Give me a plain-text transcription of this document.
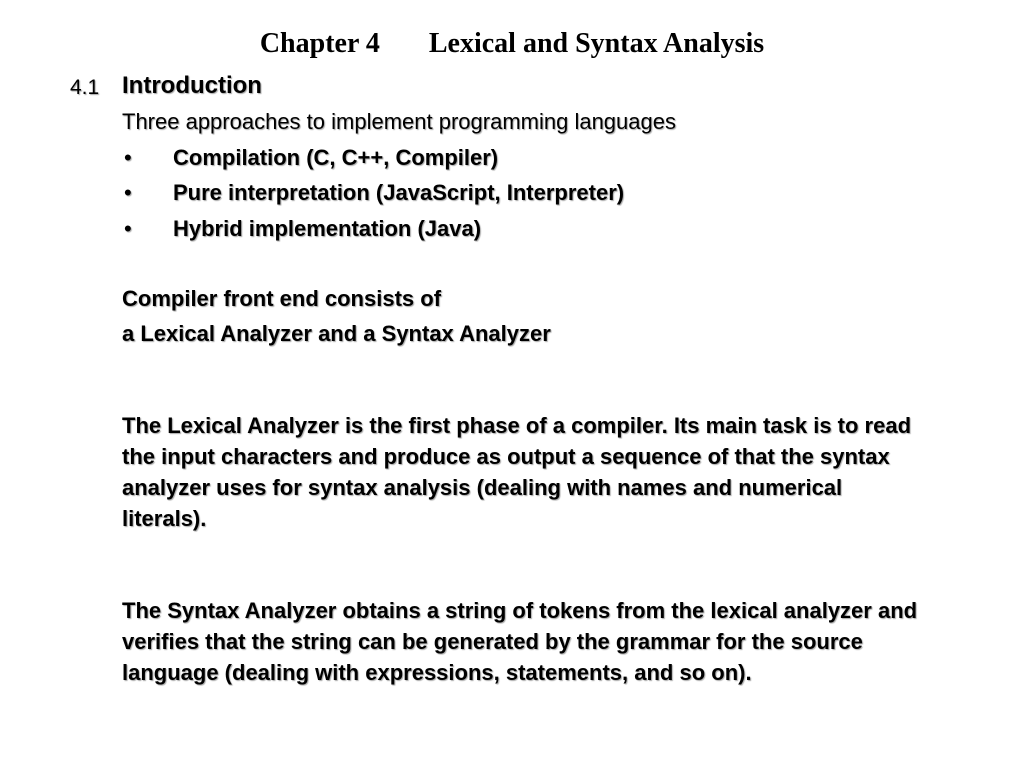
Chapter 4       Lexical and Syntax Analysis
4.1 Introduction
Three approaches to implement programming languages
• Compilation (C, C++, Compiler)
• Pure interpretation (JavaScript, Interpreter)
• Hybrid implementation (Java)
Compiler front end consists of
a Lexical Analyzer and a Syntax Analyzer
The Lexical Analyzer is the first phase of a compiler. Its main task is to read the input characters and produce as output a sequence of that the syntax analyzer uses for syntax analysis (dealing with names and numerical literals).
The Syntax Analyzer obtains a string of tokens from the lexical analyzer and verifies that the string can be generated by the grammar for the source language (dealing with expressions, statements, and so on).
